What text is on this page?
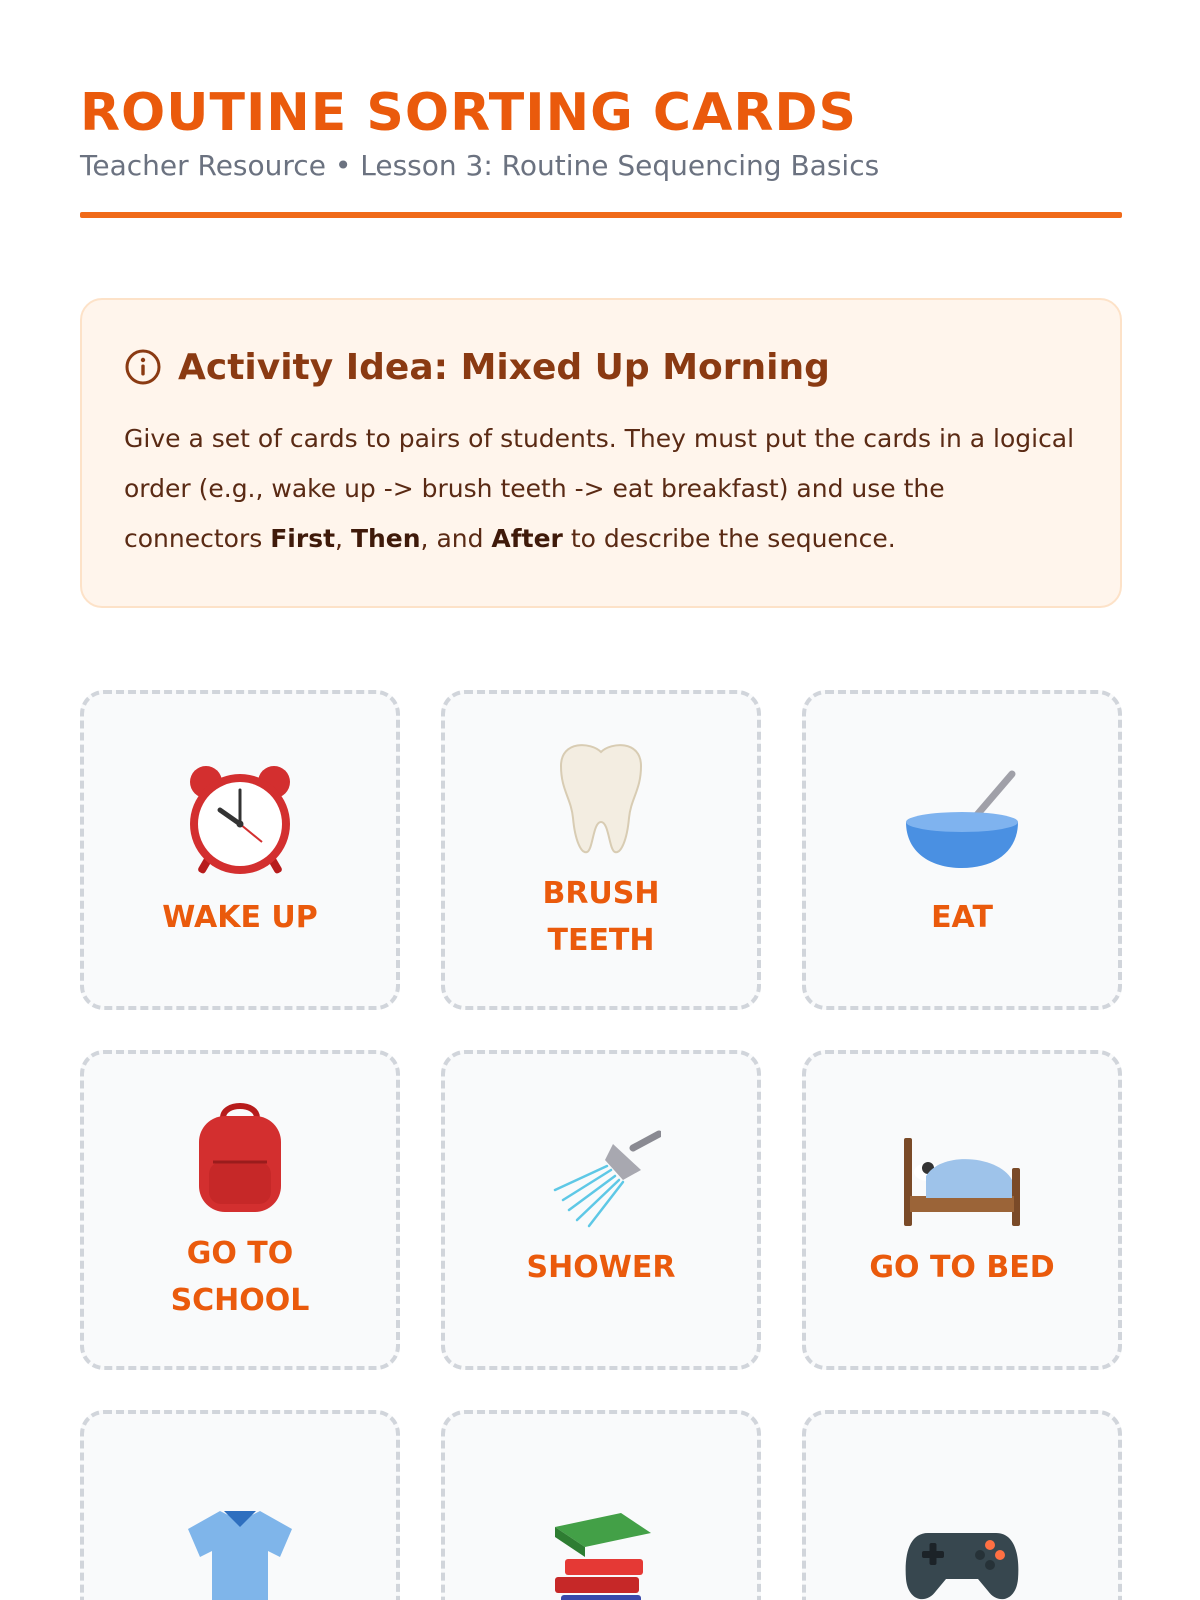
ROUTINE SORTING CARDS
Teacher Resource • Lesson 3: Routine Sequencing Basics
Activity Idea: Mixed Up Morning

Give a set of cards to pairs of students. They must put the cards in a logical order (e.g., wake up -> brush teeth -> eat breakfast) and use the connectors First, Then, and After to describe the sequence.

WAKE UP
BRUSH TEETH
EAT
GO TO SCHOOL
SHOWER	GO TO BED
